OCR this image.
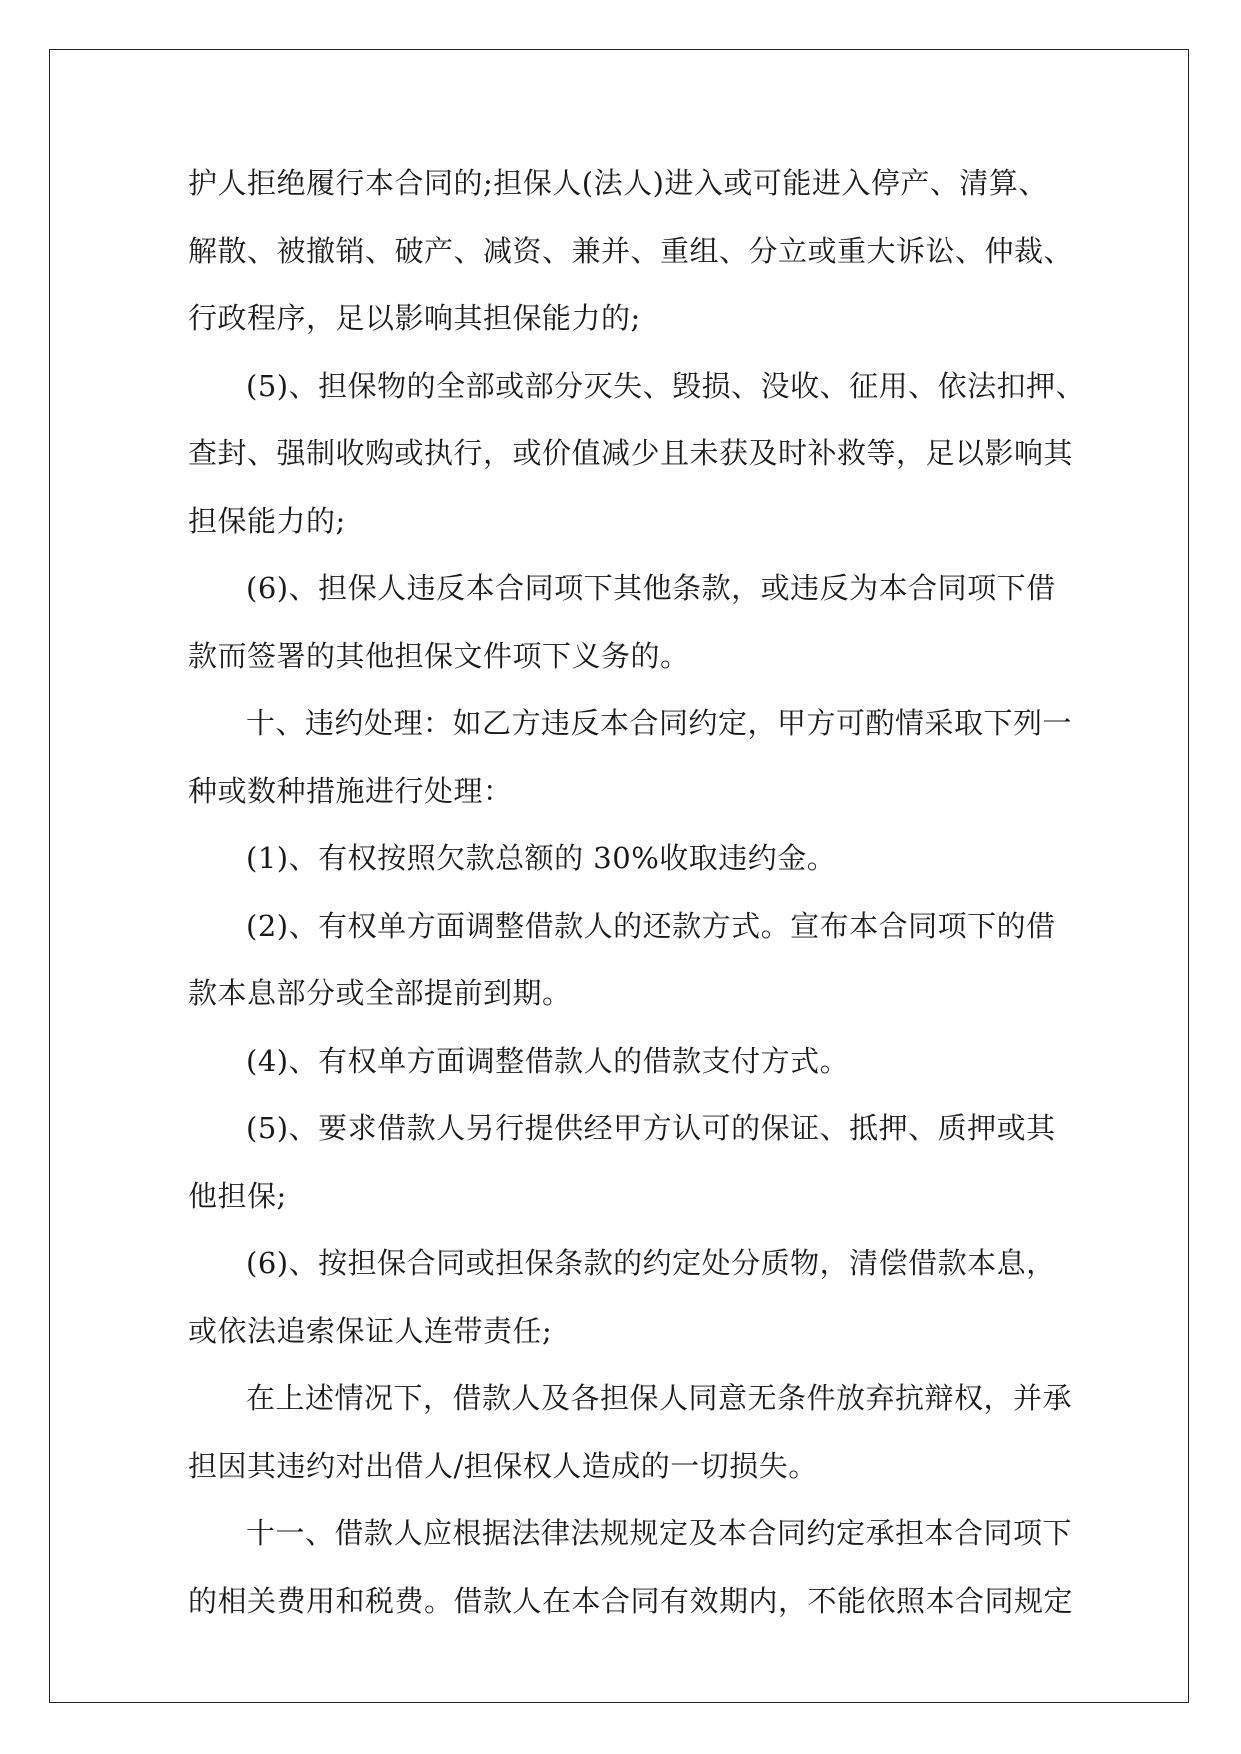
护人拒绝履行本合同的;担保人(法人)进入或可能进入停产、清算、
解散、被撤销、破产、减资、兼并、重组、分立或重大诉讼、仲裁、
行政程序，足以影响其担保能力的;
(5)、担保物的全部或部分灭失、毁损、没收、征用、依法扣押、
查封、强制收购或执行，或价值减少且未获及时补救等，足以影响其
担保能力的;
(6)、担保人违反本合同项下其他条款，或违反为本合同项下借
款而签署的其他担保文件项下义务的。
十、违约处理：如乙方违反本合同约定，甲方可酌情采取下列一
种或数种措施进行处理：
(1)、有权按照欠款总额的 30%收取违约金。
(2)、有权单方面调整借款人的还款方式。宣布本合同项下的借
款本息部分或全部提前到期。
(4)、有权单方面调整借款人的借款支付方式。
(5)、要求借款人另行提供经甲方认可的保证、抵押、质押或其
他担保;
(6)、按担保合同或担保条款的约定处分质物，清偿借款本息，
或依法追索保证人连带责任;
在上述情况下，借款人及各担保人同意无条件放弃抗辩权，并承
担因其违约对出借人/担保权人造成的一切损失。
十一、借款人应根据法律法规规定及本合同约定承担本合同项下
的相关费用和税费。借款人在本合同有效期内，不能依照本合同规定
